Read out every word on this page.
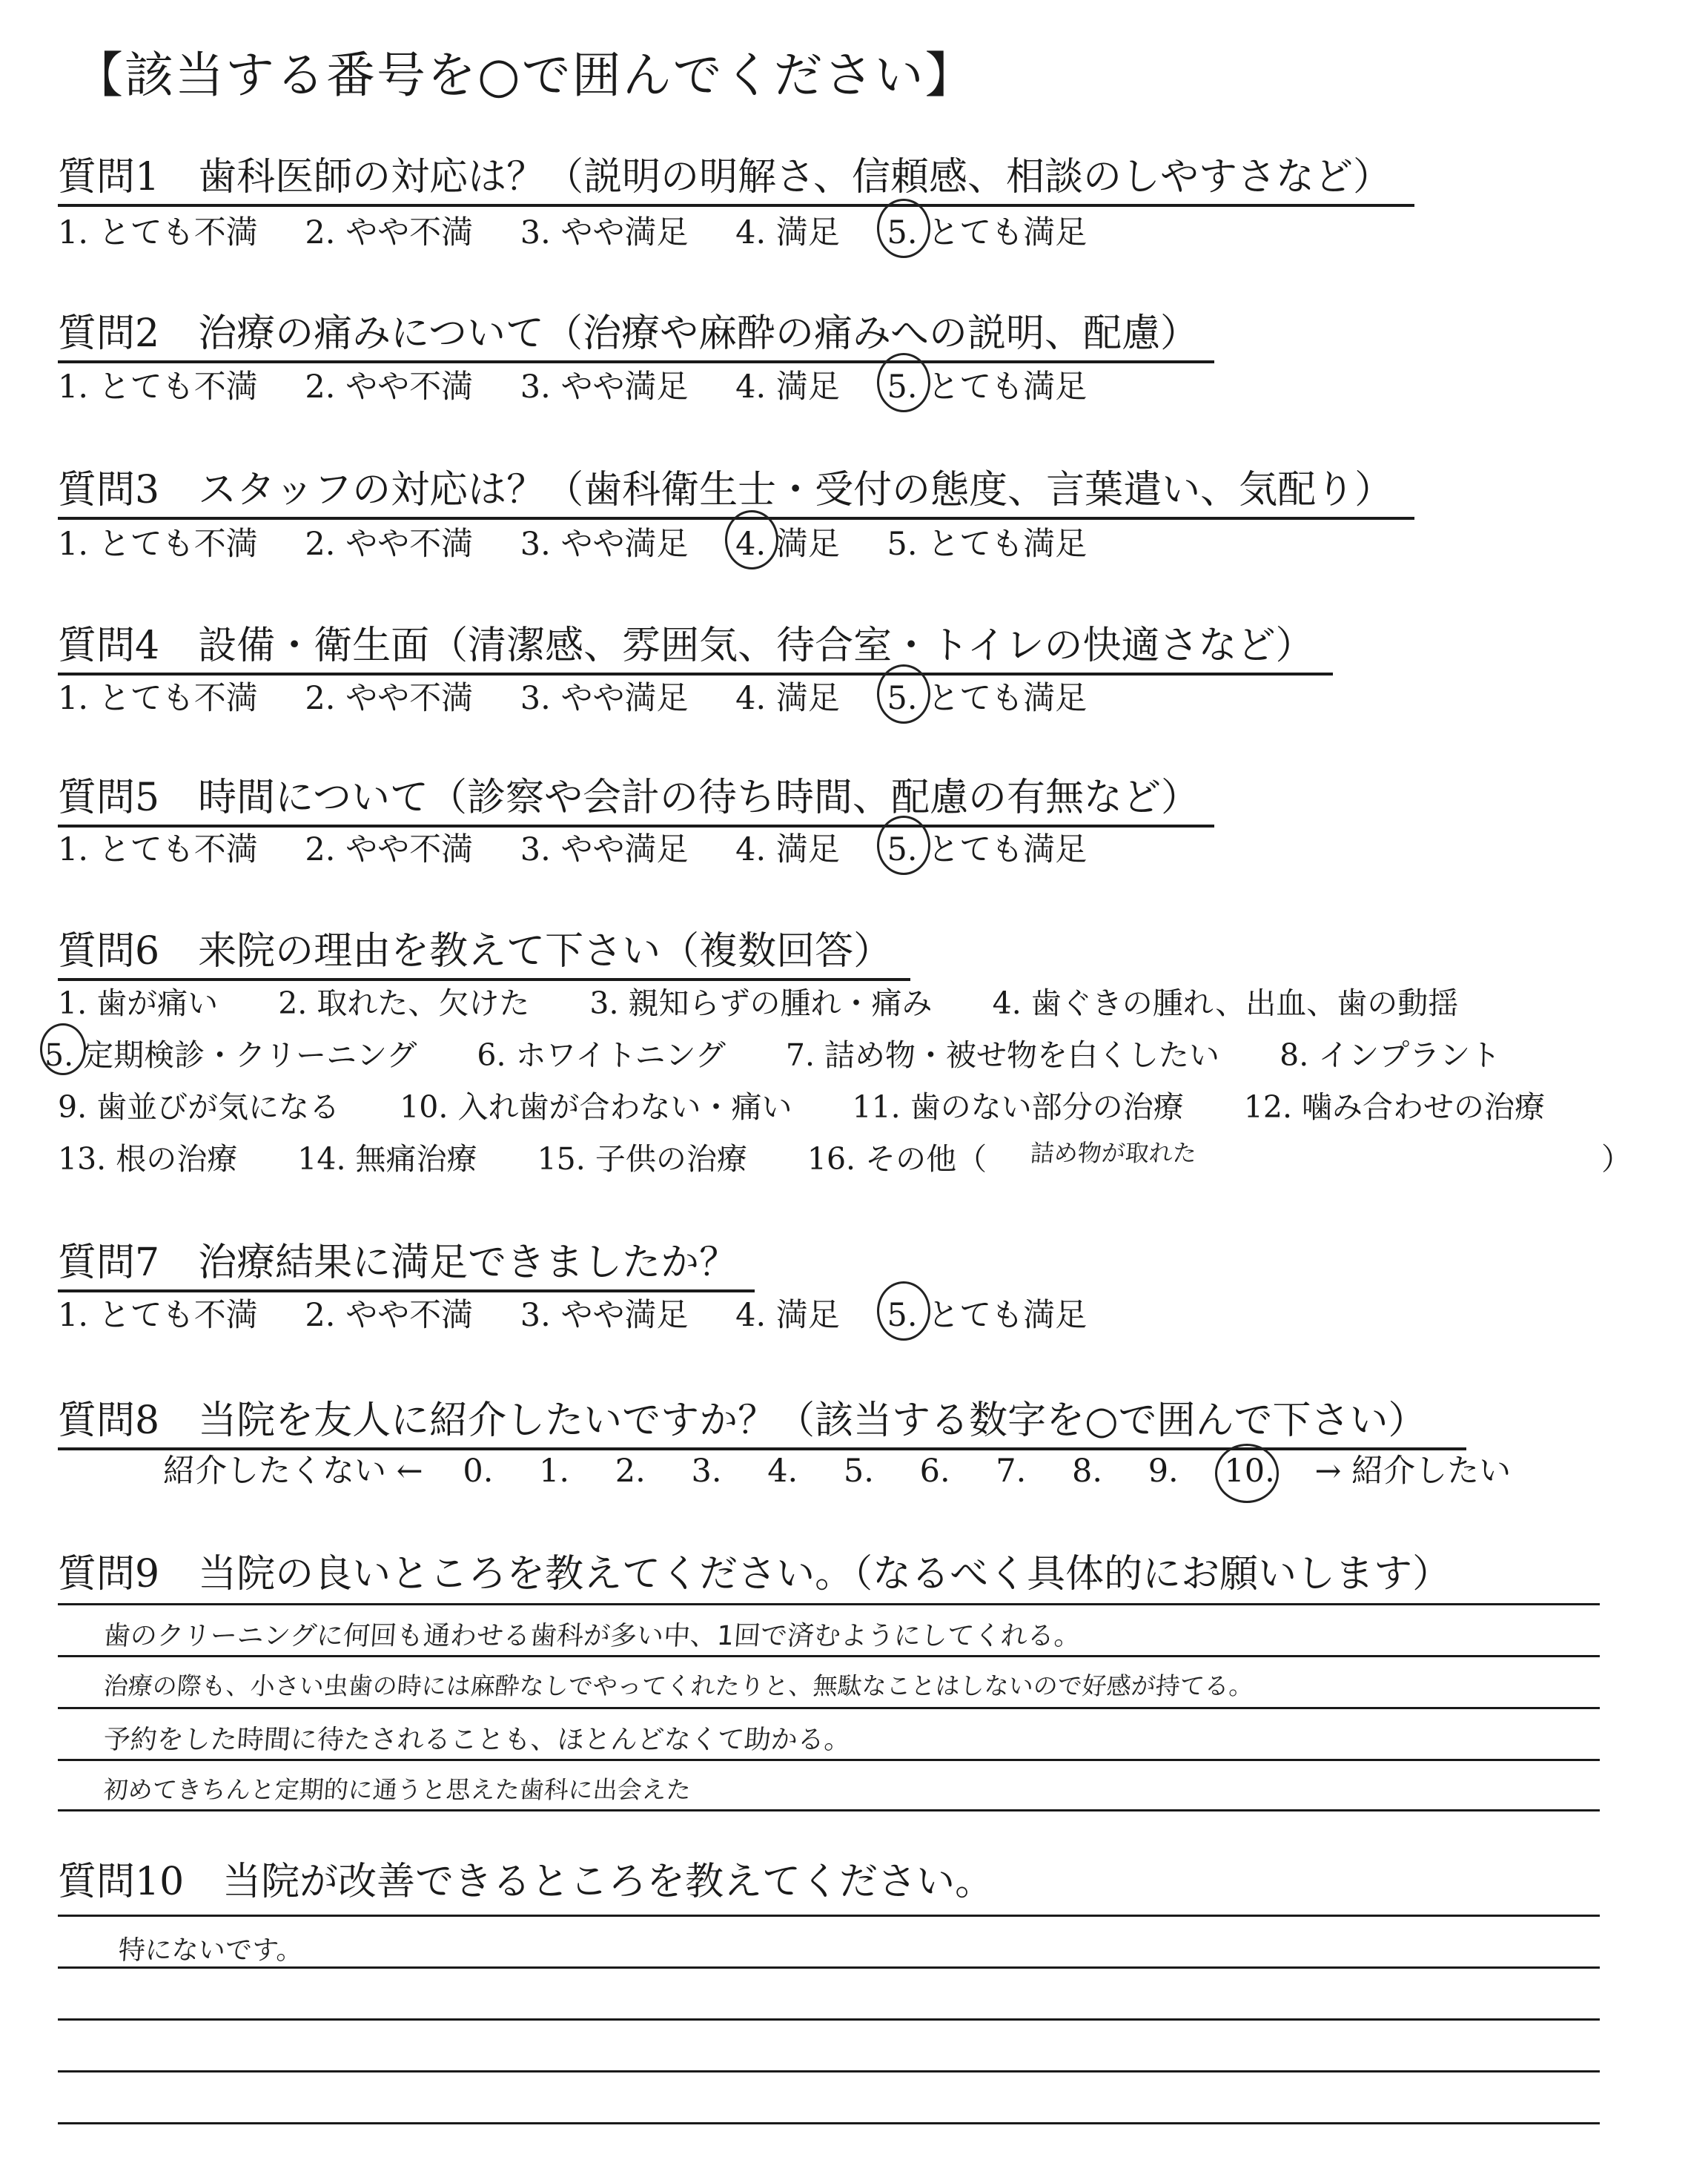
【該当する番号を○で囲んでください】
質問1　歯科医師の対応は？（説明の明解さ、信頼感、相談のしやすさなど）
1. とても不満 2. やや不満 3. やや満足 4. 満足 5. とても満足
質問2　治療の痛みについて（治療や麻酔の痛みへの説明、配慮）
1. とても不満 2. やや不満 3. やや満足 4. 満足 5. とても満足
質問3　スタッフの対応は？（歯科衛生士・受付の態度、言葉遣い、気配り）
1. とても不満 2. やや不満 3. やや満足 4. 満足 5. とても満足
質問4　設備・衛生面（清潔感、雰囲気、待合室・トイレの快適さなど）
1. とても不満 2. やや不満 3. やや満足 4. 満足 5. とても満足
質問5　時間について（診察や会計の待ち時間、配慮の有無など）
1. とても不満 2. やや不満 3. やや満足 4. 満足 5. とても満足
質問6　来院の理由を教えて下さい（複数回答）
1. 歯が痛い 2. 取れた、欠けた 3. 親知らずの腫れ・痛み 4. 歯ぐきの腫れ、出血、歯の動揺
5. 定期検診・クリーニング 6. ホワイトニング 7. 詰め物・被せ物を白くしたい 8. インプラント
9. 歯並びが気になる 10. 入れ歯が合わない・痛い 11. 歯のない部分の治療 12. 噛み合わせの治療
13. 根の治療 14. 無痛治療 15. 子供の治療 16. その他（ 詰め物が取れた	）
質問7　治療結果に満足できましたか？
1. とても不満 2. やや不満 3. やや満足 4. 満足 5. とても満足
質問8　当院を友人に紹介したいですか？（該当する数字を○で囲んで下さい）
紹介したくない ← 0. 1. 2. 3. 4. 5. 6. 7. 8. 9. 10. → 紹介したい
質問9　当院の良いところを教えてください。（なるべく具体的にお願いします）
歯のクリーニングに何回も通わせる歯科が多い中、1回で済むようにしてくれる。
治療の際も、小さい虫歯の時には麻酔なしでやってくれたりと、無駄なことはしないので好感が持てる。
予約をした時間に待たされることも、ほとんどなくて助かる。
初めてきちんと定期的に通うと思えた歯科に出会えた
質問10　当院が改善できるところを教えてください。
特にないです。
